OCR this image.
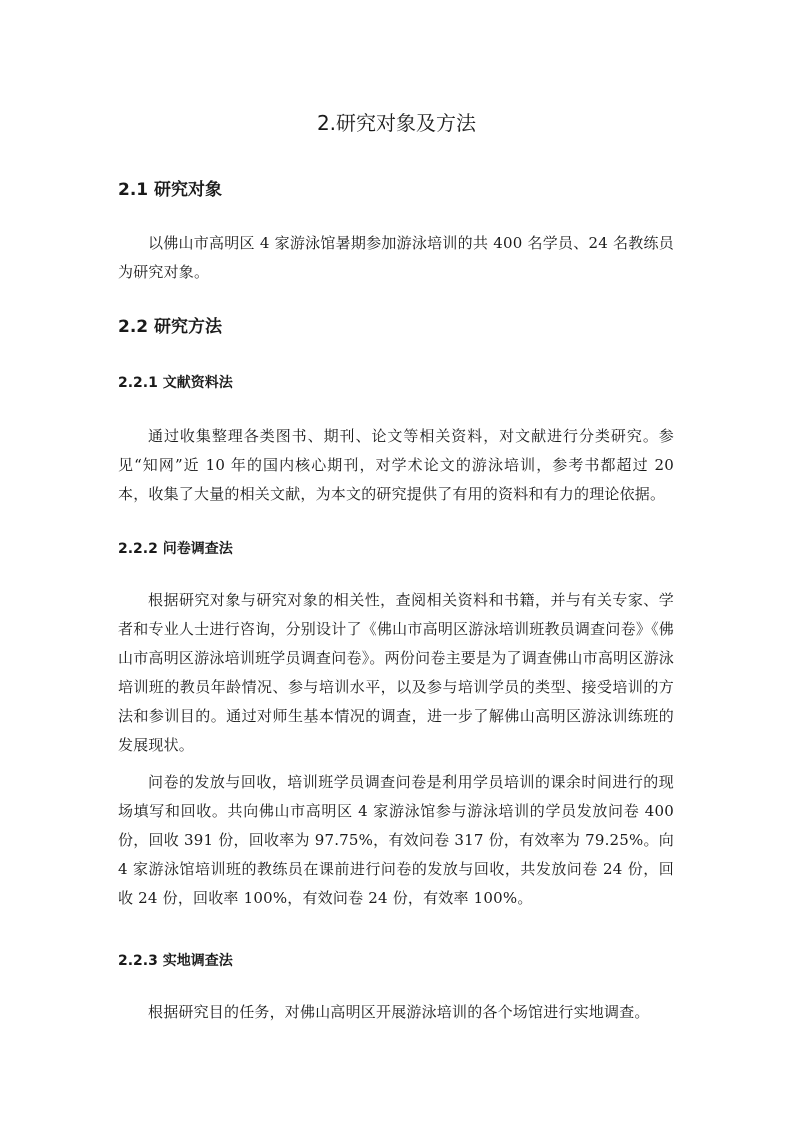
2.研究对象及方法
2.1 研究对象

以佛山市高明区 4 家游泳馆暑期参加游泳培训的共 400 名学员、24 名教练员为研究对象。

2.2 研究方法
2.2.1 文献资料法

通过收集整理各类图书、期刊、论文等相关资料，对文献进行分类研究。参见“知网”近 10 年的国内核心期刊，对学术论文的游泳培训，参考书都超过 20 本，收集了大量的相关文献，为本文的研究提供了有用的资料和有力的理论依据。

2.2.2 问卷调查法

根据研究对象与研究对象的相关性，查阅相关资料和书籍，并与有关专家、学者和专业人士进行咨询，分别设计了《佛山市高明区游泳培训班教员调查问卷》《佛山市高明区游泳培训班学员调查问卷》。两份问卷主要是为了调查佛山市高明区游泳培训班的教员年龄情况、参与培训水平，以及参与培训学员的类型、接受培训的方法和参训目的。通过对师生基本情况的调查，进一步了解佛山高明区游泳训练班的发展现状。

问卷的发放与回收，培训班学员调查问卷是利用学员培训的课余时间进行的现场填写和回收。共向佛山市高明区 4 家游泳馆参与游泳培训的学员发放问卷 400 份，回收 391 份，回收率为 97.75%，有效问卷 317 份，有效率为 79.25%。向 4 家游泳馆培训班的教练员在课前进行问卷的发放与回收，共发放问卷 24 份，回收 24 份，回收率 100%，有效问卷 24 份，有效率 100%。

2.2.3 实地调查法

根据研究目的任务，对佛山高明区开展游泳培训的各个场馆进行实地调查。
